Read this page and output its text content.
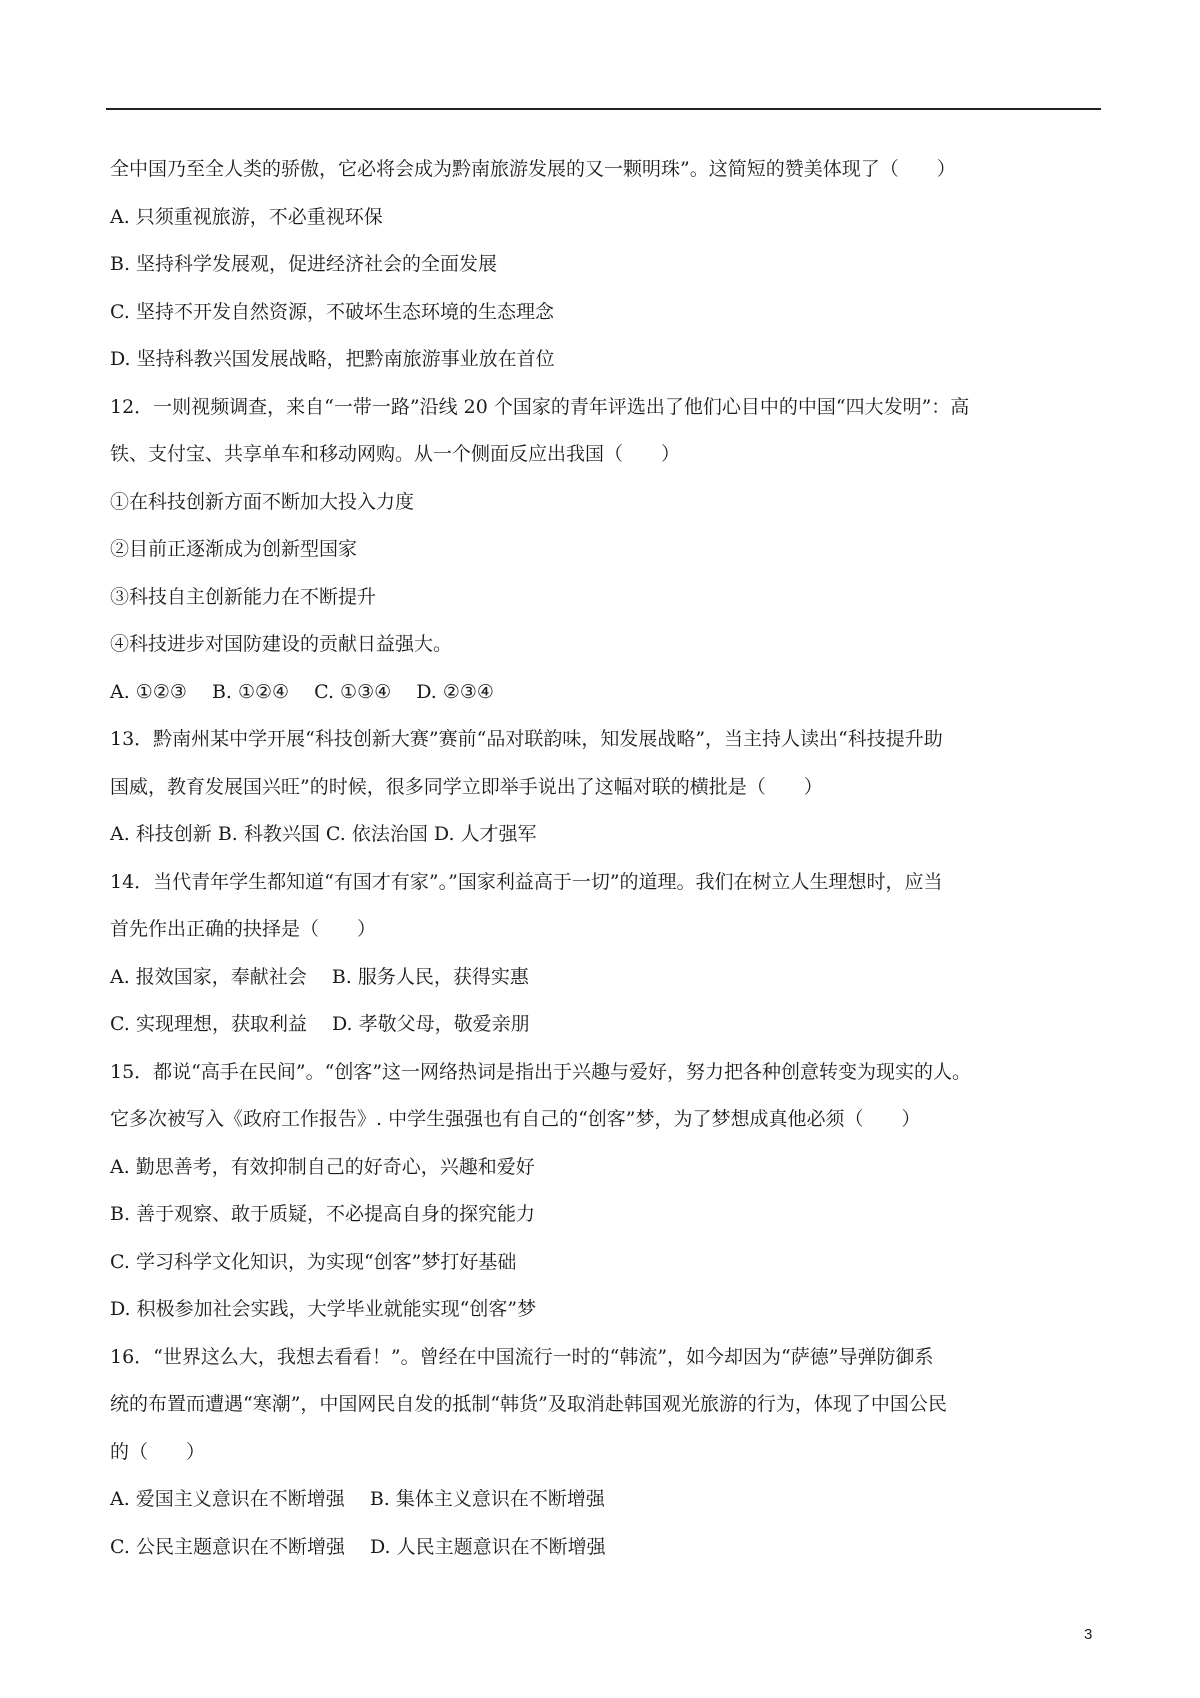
全中国乃至全人类的骄傲，它必将会成为黔南旅游发展的又一颗明珠”。这简短的赞美体现了（　　）
A. 只须重视旅游，不必重视环保
B. 坚持科学发展观，促进经济社会的全面发展
C. 坚持不开发自然资源，不破坏生态环境的生态理念
D. 坚持科教兴国发展战略，把黔南旅游事业放在首位
12．一则视频调查，来自“一带一路”沿线 20 个国家的青年评选出了他们心目中的中国“四大发明”：高
铁、支付宝、共享单车和移动网购。从一个侧面反应出我国（　　）
①在科技创新方面不断加大投入力度
②目前正逐渐成为创新型国家
③科技自主创新能力在不断提升
④科技进步对国防建设的贡献日益强大。
A. ①②③　 B. ①②④　 C. ①③④　 D. ②③④
13．黔南州某中学开展“科技创新大赛”赛前“品对联韵味，知发展战略”，当主持人读出“科技提升助
国威，教育发展国兴旺”的时候，很多同学立即举手说出了这幅对联的横批是（　　）
A. 科技创新 B. 科教兴国 C. 依法治国 D. 人才强军
14．当代青年学生都知道“有国才有家”。”国家利益高于一切”的道理。我们在树立人生理想时，应当
首先作出正确的抉择是（　　）
A. 报效国家，奉献社会　 B. 服务人民，获得实惠
C. 实现理想，获取利益　 D. 孝敬父母，敬爱亲朋
15．都说“高手在民间”。“创客”这一网络热词是指出于兴趣与爱好，努力把各种创意转变为现实的人。
它多次被写入《政府工作报告》. 中学生强强也有自己的“创客”梦，为了梦想成真他必须（　　）
A. 勤思善考，有效抑制自己的好奇心，兴趣和爱好
B. 善于观察、敢于质疑，不必提高自身的探究能力
C. 学习科学文化知识，为实现“创客”梦打好基础
D. 积极参加社会实践，大学毕业就能实现“创客”梦
16．“世界这么大，我想去看看！”。曾经在中国流行一时的“韩流”，如今却因为“萨德”导弹防御系
统的布置而遭遇“寒潮”，中国网民自发的抵制“韩货”及取消赴韩国观光旅游的行为，体现了中国公民
的（　　）
A. 爱国主义意识在不断增强　 B. 集体主义意识在不断增强
C. 公民主题意识在不断增强　 D. 人民主题意识在不断增强
3
